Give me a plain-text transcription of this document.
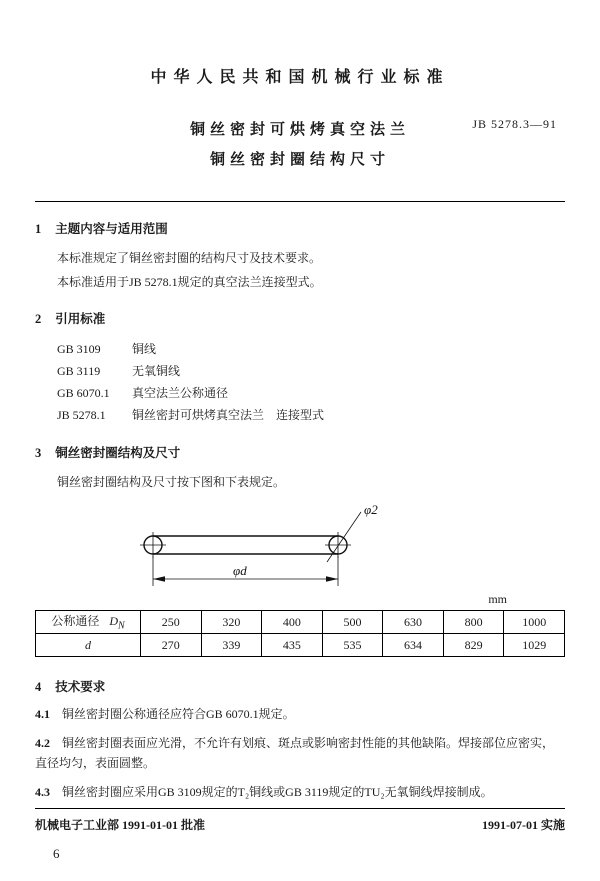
中华人民共和国机械行业标准
铜丝密封可烘烤真空法兰
铜丝密封圈结构尺寸
JB 5278.3—91
1 主题内容与适用范围
本标准规定了铜丝密封圈的结构尺寸及技术要求。
本标准适用于JB 5278.1规定的真空法兰连接型式。
2 引用标准
GB 3109	铜线
GB 3119	无氧铜线
GB 6070.1 真空法兰公称通径
JB 5278.1 铜丝密封可烘烤真空法兰　连接型式
3 铜丝密封圈结构及尺寸
铜丝密封圈结构及尺寸按下图和下表规定。
φ2
φd
mm
公称通径 $D_N$	250	320	400	500	630	800	1000
d	270	339	435	535	634	829	1029
4 技术要求
4.1 铜丝密封圈公称通径应符合GB 6070.1规定。
4.2 铜丝密封圈表面应光滑，不允许有划痕、斑点或影响密封性能的其他缺陷。焊接部位应密实，直径均匀，表面圆整。
4.3 铜丝密封圈应采用GB 3109规定的T₂铜线或GB 3119规定的TU₂无氧铜线焊接制成。
机械电子工业部 1991-01-01 批准	1991-07-01 实施
6
